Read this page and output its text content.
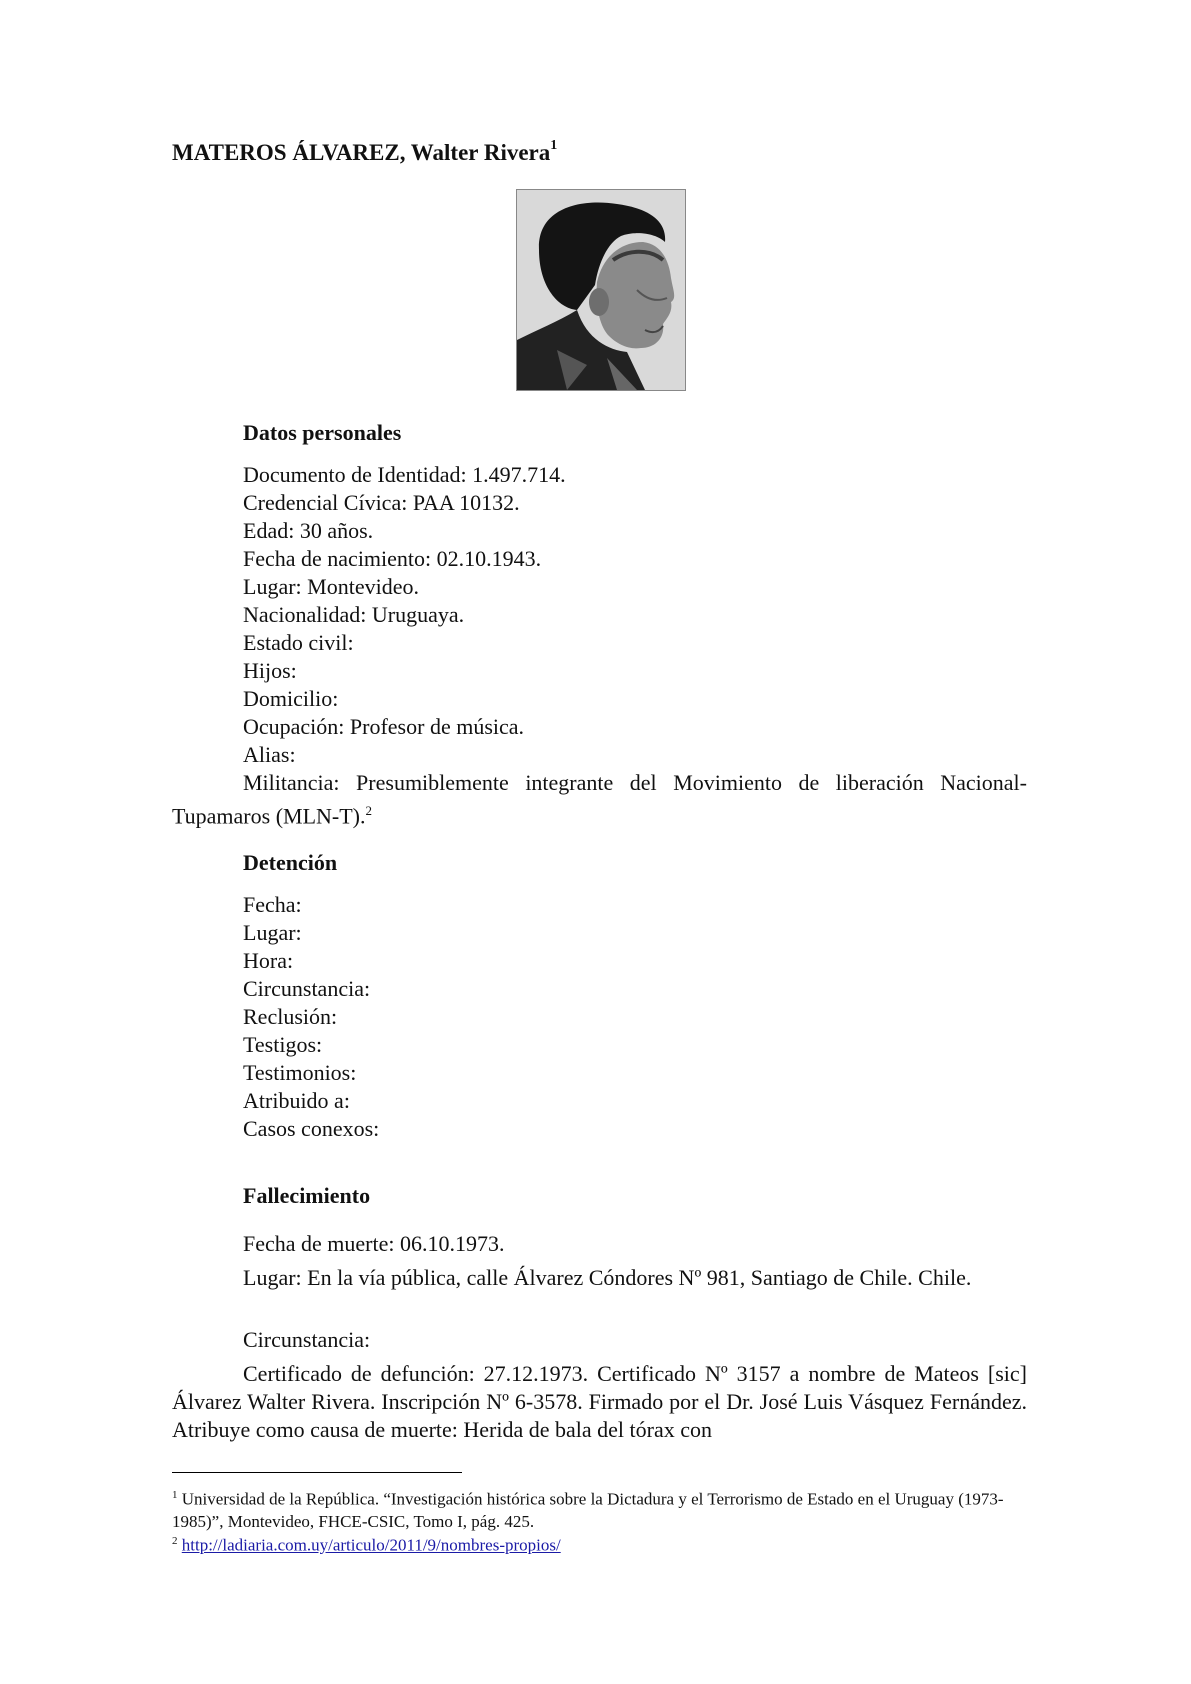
MATEROS ÁLVAREZ, Walter Rivera$^1$
Datos personales
Documento de Identidad: 1.497.714.
Credencial Cívica: PAA 10132.
Edad: 30 años.
Fecha de nacimiento: 02.10.1943.
Lugar: Montevideo.
Nacionalidad: Uruguaya.
Estado civil:
Hijos:
Domicilio:
Ocupación: Profesor de música.
Alias:
Militancia: Presumiblemente integrante del Movimiento de liberación Nacional-Tupamaros (MLN-T).$^2$
Detención
Fecha:
Lugar:
Hora:
Circunstancia:
Reclusión:
Testigos:
Testimonios:
Atribuido a:
Casos conexos:
Fallecimiento
Fecha de muerte: 06.10.1973.
Lugar: En la vía pública, calle Álvarez Cóndores Nº 981, Santiago de Chile. Chile.
Circunstancia:
Certificado de defunción: 27.12.1973. Certificado Nº 3157 a nombre de Mateos [sic] Álvarez Walter Rivera. Inscripción Nº 6-3578. Firmado por el Dr. José Luis Vásquez Fernández. Atribuye como causa de muerte: Herida de bala del tórax con
$^1$ Universidad de la República. “Investigación histórica sobre la Dictadura y el Terrorismo de Estado en el Uruguay (1973-1985)”, Montevideo, FHCE-CSIC, Tomo I, pág. 425.
$^2$ http://ladiaria.com.uy/articulo/2011/9/nombres-propios/
